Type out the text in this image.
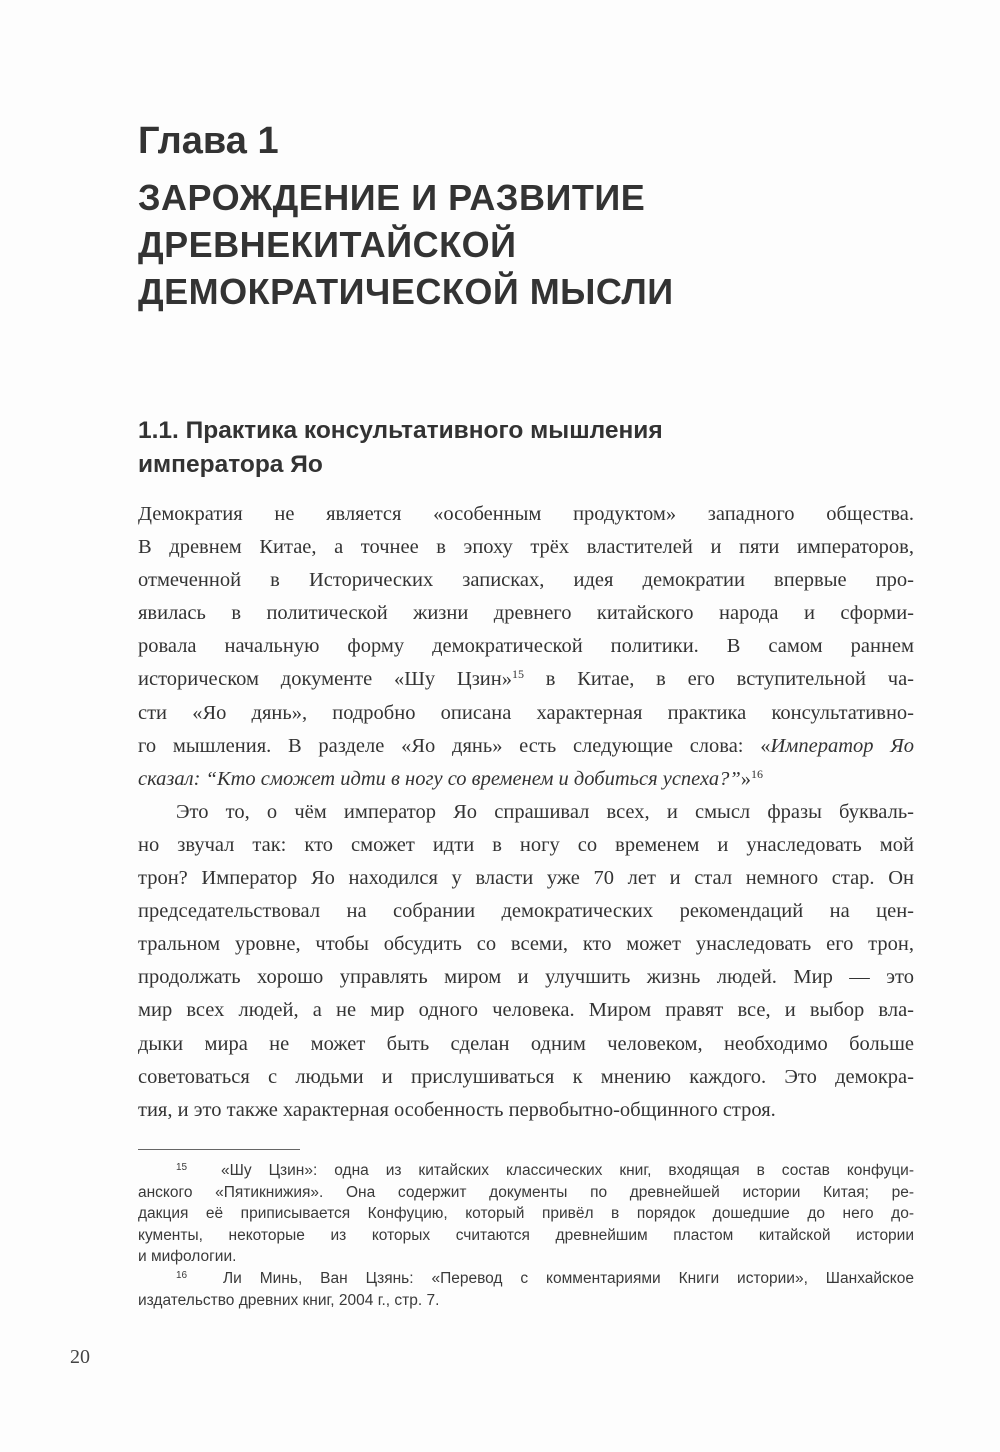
Глава 1
ЗАРОЖДЕНИЕ И РАЗВИТИЕ
ДРЕВНЕКИТАЙСКОЙ
ДЕМОКРАТИЧЕСКОЙ МЫСЛИ
1.1. Практика консультативного мышления
императора Яо
Демократия не является «особенным продуктом» западного общества.
В древнем Китае, а точнее в эпоху трёх властителей и пяти императоров,
отмеченной в Исторических записках, идея демократии впервые про-
явилась в политической жизни древнего китайского народа и сформи-
ровала начальную форму демократической политики. В самом раннем
историческом документе «Шу Цзин»$^{15}$ в Китае, в его вступительной ча-
сти «Яо дянь», подробно описана характерная практика консультативно-
го мышления. В разделе «Яо дянь» есть следующие слова: «Император Яо
сказал: “Кто сможет идти в ногу со временем и добиться успеха?”»$^{16}$
Это то, о чём император Яо спрашивал всех, и смысл фразы букваль-
но звучал так: кто сможет идти в ногу со временем и унаследовать мой
трон? Император Яо находился у власти уже 70 лет и стал немного стар. Он
председательствовал на собрании демократических рекомендаций на цен-
тральном уровне, чтобы обсудить со всеми, кто может унаследовать его трон,
продолжать хорошо управлять миром и улучшить жизнь людей. Мир — это
мир всех людей, а не мир одного человека. Миром правят все, и выбор вла-
дыки мира не может быть сделан одним человеком, необходимо больше
советоваться с людьми и прислушиваться к мнению каждого. Это демокра-
тия, и это также характерная особенность первобытно-общинного строя.
$^{15}$ «Шу Цзин»: одна из китайских классических книг, входящая в состав конфуци-
анского «Пятикнижия». Она содержит документы по древнейшей истории Китая; ре-
дакция её приписывается Конфуцию, который привёл в порядок дошедшие до него до-
кументы, некоторые из которых считаются древнейшим пластом китайской истории
и мифологии.
$^{16}$ Ли Минь, Ван Цзянь: «Перевод с комментариями Книги истории», Шанхайское
издательство древних книг, 2004 г., стр. 7.
20
